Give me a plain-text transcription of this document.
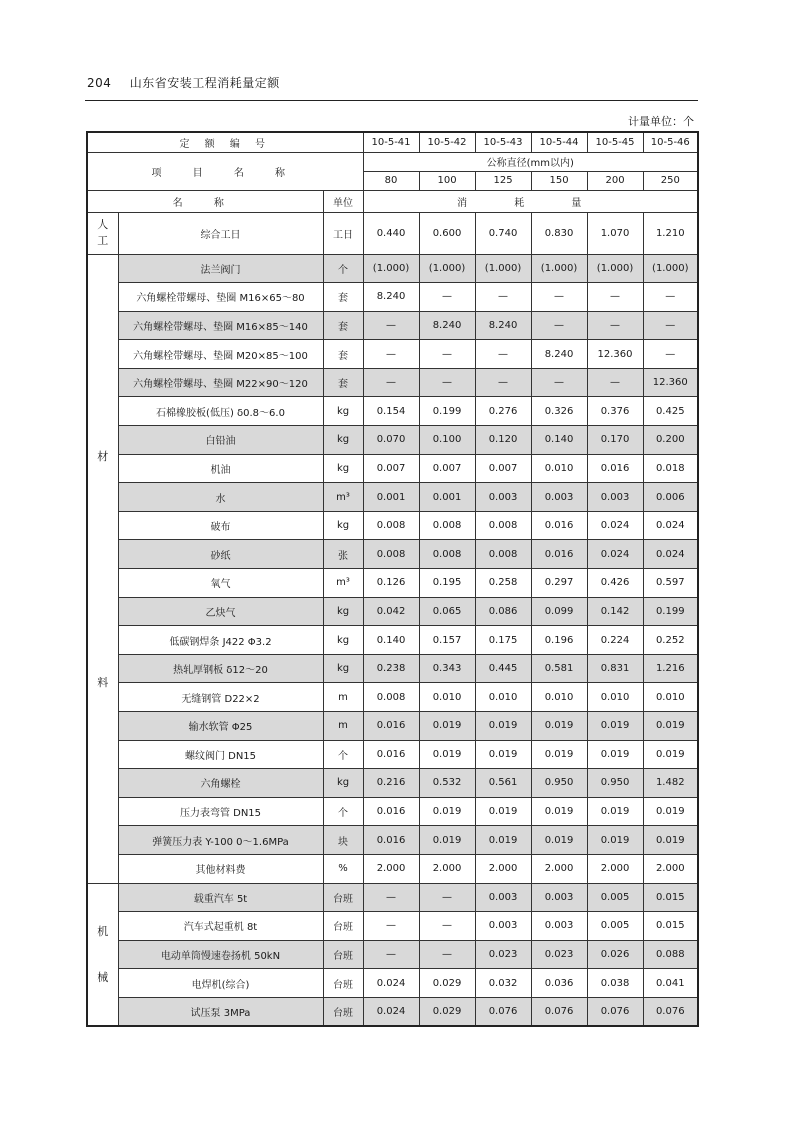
204 山东省安装工程消耗量定额
计量单位：个
定 额 编 号			10-5-41	10-5-42	10-5-43	10-5-44	10-5-45	10-5-46
项 目 名 称			公称直径(mm以内)					
			80	100	125	150	200	250
名 称		单位	消 耗 量					

人
工	综合工日	工日	0.440	0.600	0.740	0.830	1.070	1.210

材
料	法兰阀门	个	(1.000)	(1.000)	(1.000)	(1.000)	(1.000)	(1.000)
	六角螺栓带螺母、垫圈 M16×65～80	套	8.240	—	—	—	—	—
	六角螺栓带螺母、垫圈 M16×85～140	套	—	8.240	8.240	—	—	—
	六角螺栓带螺母、垫圈 M20×85～100	套	—	—	—	8.240	12.360	—
	六角螺栓带螺母、垫圈 M22×90～120	套	—	—	—	—	—	12.360
	石棉橡胶板(低压) δ0.8～6.0	kg	0.154	0.199	0.276	0.326	0.376	0.425
	白铅油	kg	0.070	0.100	0.120	0.140	0.170	0.200
	机油	kg	0.007	0.007	0.007	0.010	0.016	0.018
	水	m³	0.001	0.001	0.003	0.003	0.003	0.006
	破布	kg	0.008	0.008	0.008	0.016	0.024	0.024
	砂纸	张	0.008	0.008	0.008	0.016	0.024	0.024
	氧气	m³	0.126	0.195	0.258	0.297	0.426	0.597
	乙炔气	kg	0.042	0.065	0.086	0.099	0.142	0.199
	低碳钢焊条 J422 Φ3.2	kg	0.140	0.157	0.175	0.196	0.224	0.252
	热轧厚钢板 δ12～20	kg	0.238	0.343	0.445	0.581	0.831	1.216
	无缝钢管 D22×2	m	0.008	0.010	0.010	0.010	0.010	0.010
	输水软管 Φ25	m	0.016	0.019	0.019	0.019	0.019	0.019
	螺纹阀门 DN15	个	0.016	0.019	0.019	0.019	0.019	0.019
	六角螺栓	kg	0.216	0.532	0.561	0.950	0.950	1.482
	压力表弯管 DN15	个	0.016	0.019	0.019	0.019	0.019	0.019
	弹簧压力表 Y-100 0～1.6MPa	块	0.016	0.019	0.019	0.019	0.019	0.019
	其他材料费	%	2.000	2.000	2.000	2.000	2.000	2.000

机
械	载重汽车 5t	台班	—	—	0.003	0.003	0.005	0.015
	汽车式起重机 8t	台班	—	—	0.003	0.003	0.005	0.015
	电动单筒慢速卷扬机 50kN	台班	—	—	0.023	0.023	0.026	0.088
	电焊机(综合)	台班	0.024	0.029	0.032	0.036	0.038	0.041
	试压泵 3MPa	台班	0.024	0.029	0.076	0.076	0.076	0.076
